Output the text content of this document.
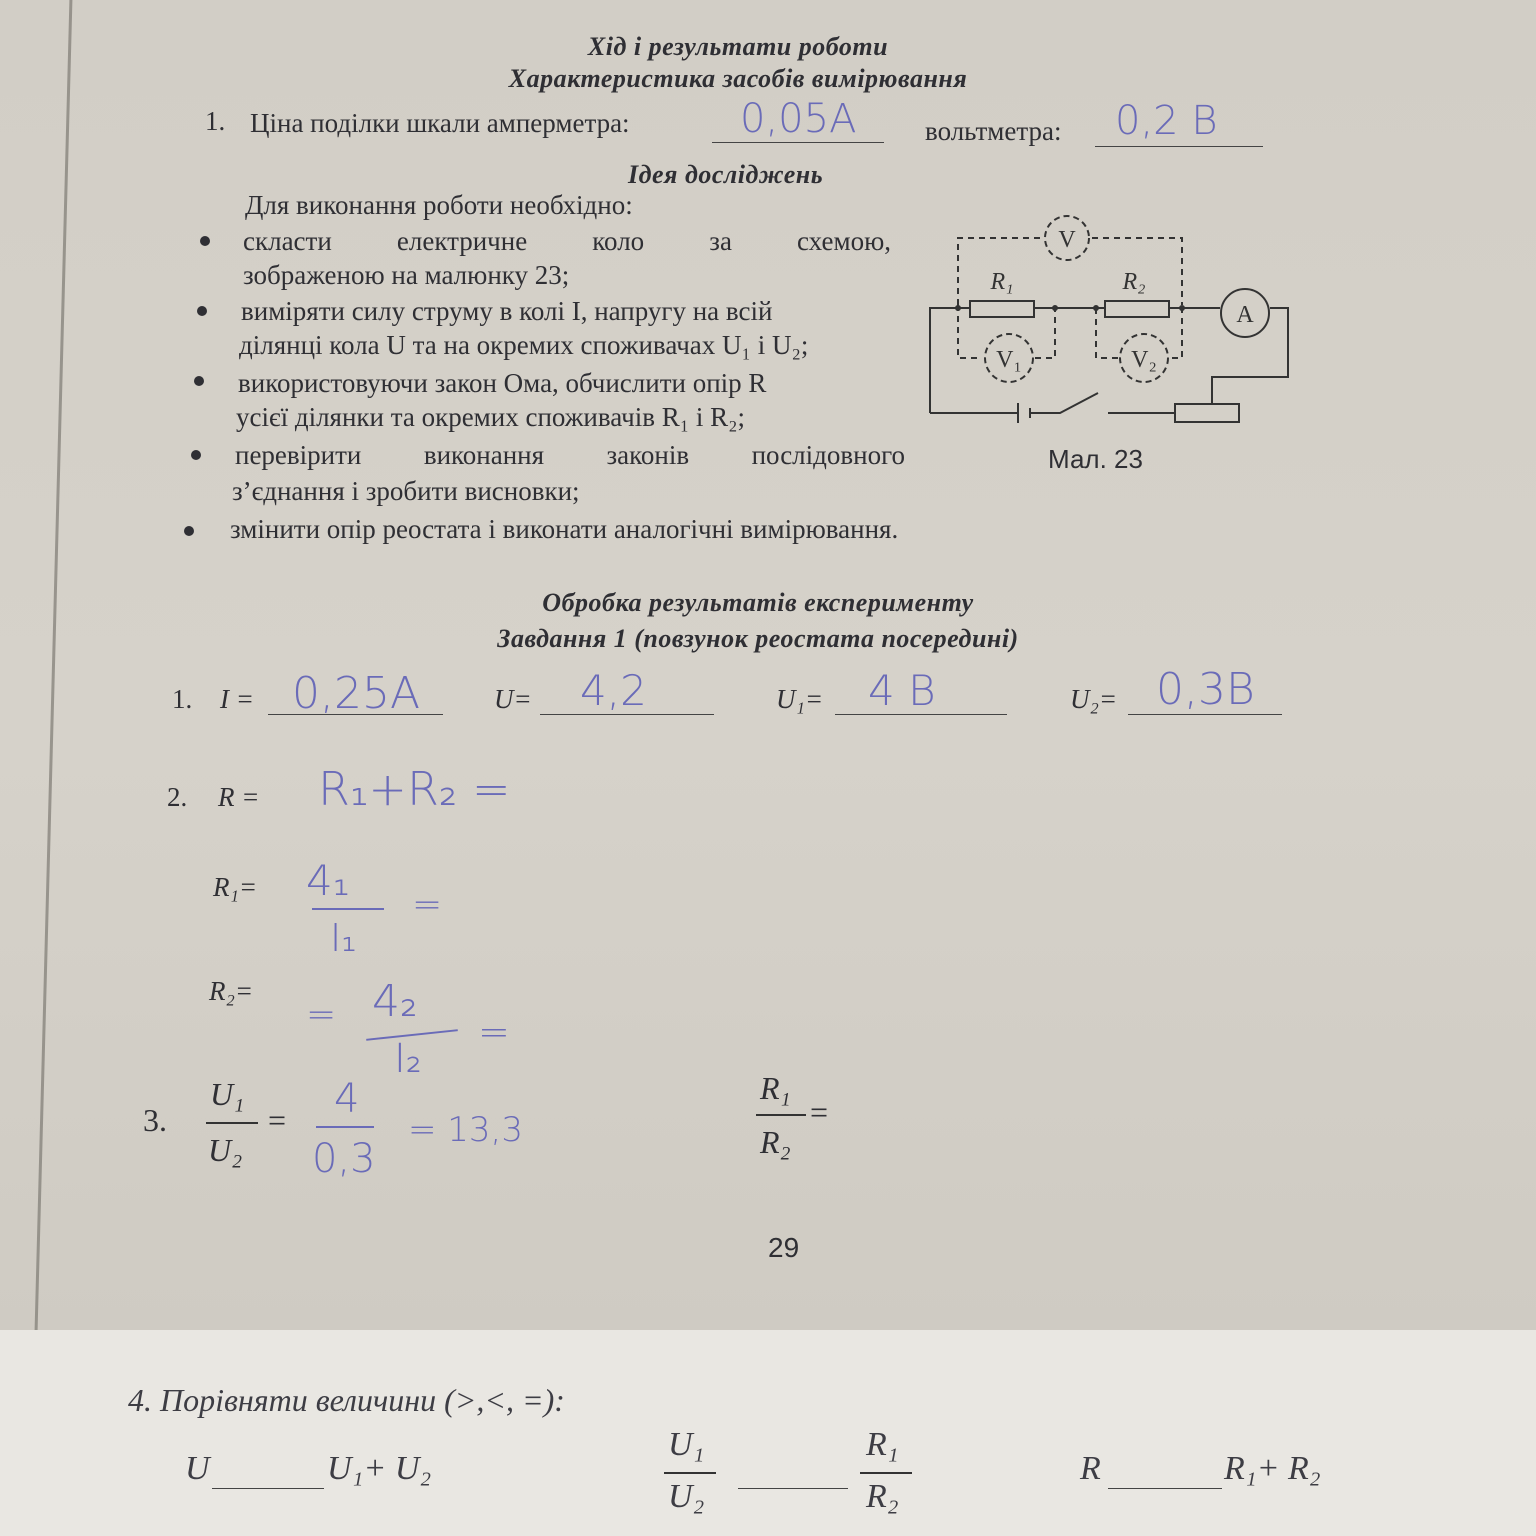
Хід і результати роботи
Характеристика засобів вимірювання
1. Ціна поділки шкали амперметра:	0,05А	вольтметра: 0,2 В
Ідея досліджень
Для виконання роботи необхідно:
скласти електричне коло за схемою,
зображеною на малюнку 23;
виміряти силу струму в колі I, напругу на всій
ділянці кола U та на окремих споживачах U₁ і U₂;
використовуючи закон Ома, обчислити опір R
усієї ділянки та окремих споживачів R₁ і R₂;
перевірити виконання законів послідовного
з’єднання і зробити висновки;
змінити опір реостата і виконати аналогічні вимірювання.
V
V₁	V₂
A
R₁	R₂
Мал. 23
Обробка результатів експерименту
Завдання 1 (повзунок реостата посередині)
1. I = 0,25А	U= 4,2	U₁= 4 В	U₂= 0,3В
2. R = R₁+R₂ =
R₁= 4₁
I₁
=
R₂=
= 4₂
I₂
=
3.
U₁
U₂
= 4
0,3
= 13,3
R₁
R₂
=
29
4. Порівняти величини (>,<, =):
U	U₁+ U₂
U₁
U₂
R₁
R₂
R	R₁+ R₂
